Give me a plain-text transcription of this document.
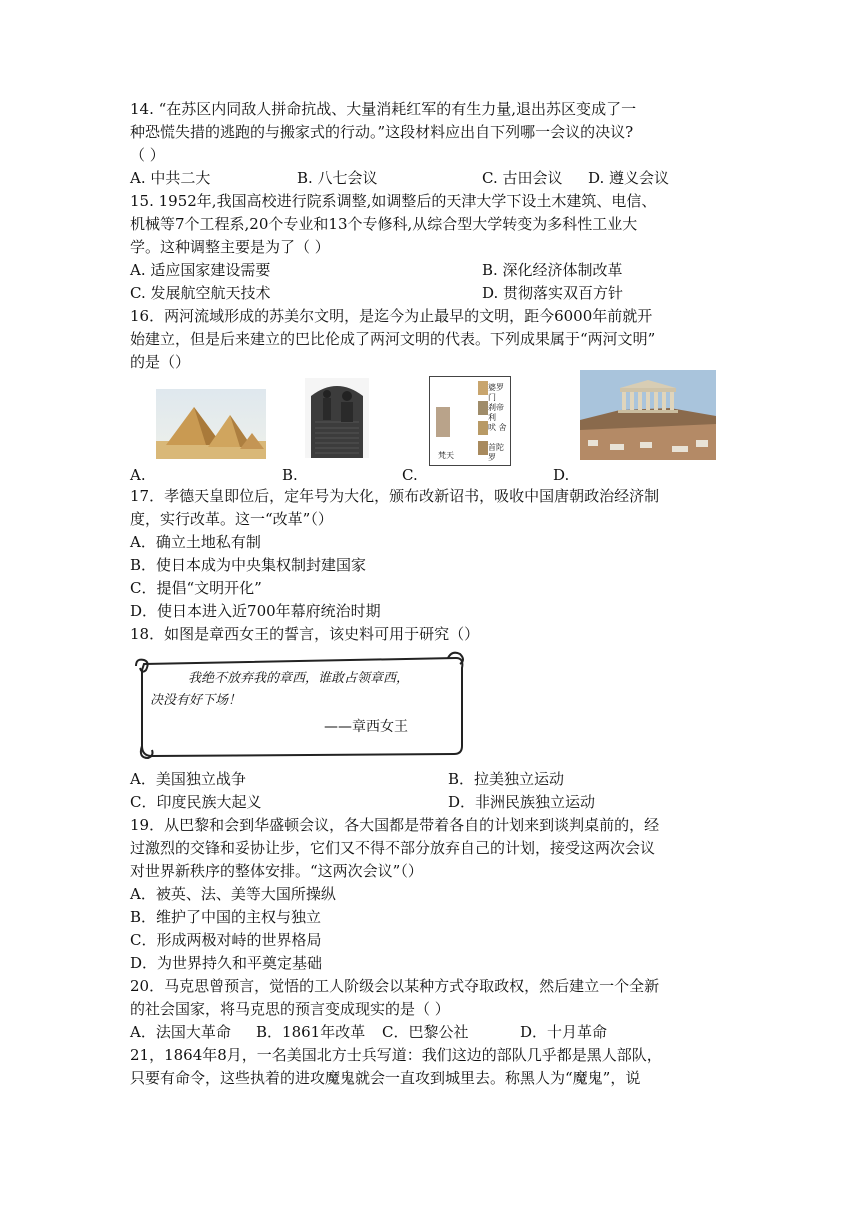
14. “在苏区内同敌人拼命抗战、大量消耗红军的有生力量,退出苏区变成了一
种恐慌失措的逃跑的与搬家式的行动。”这段材料应出自下列哪一会议的决议?
（ ）
A. 中共二大	B. 八七会议	C. 古田会议	D. 遵义会议
15. 1952年,我国高校进行院系调整,如调整后的天津大学下设土木建筑、电信、
机械等7个工程系,20个专业和13个专修科,从综合型大学转变为多科性工业大
学。这种调整主要是为了（ ）
A. 适应国家建设需要	B. 深化经济体制改革
C. 发展航空航天技术	D. 贯彻落实双百方针
16．两河流域形成的苏美尔文明，是迄今为止最早的文明，距今6000年前就开
始建立，但是后来建立的巴比伦成了两河文明的代表。下列成果属于“两河文明”
的是（）
A.	B.	C.
婆罗门
刹帝利
吠 舍
首陀罗
梵天
D.
17．孝德天皇即位后，定年号为大化，颁布改新诏书，吸收中国唐朝政治经济制
度，实行改革。这一“改革”（）
A．确立土地私有制
B．使日本成为中央集权制封建国家
C．提倡“文明开化”
D．使日本进入近700年幕府统治时期
18．如图是章西女王的誓言，该史料可用于研究（）
我绝不放弃我的章西，谁敢占领章西，
决没有好下场！
——章西女王
A．美国独立战争	B．拉美独立运动
C．印度民族大起义	D．非洲民族独立运动
19．从巴黎和会到华盛顿会议，各大国都是带着各自的计划来到谈判桌前的，经
过激烈的交锋和妥协让步，它们又不得不部分放弃自己的计划，接受这两次会议
对世界新秩序的整体安排。“这两次会议”（）
A．被英、法、美等大国所操纵
B．维护了中国的主权与独立
C．形成两极对峙的世界格局
D．为世界持久和平奠定基础
20．马克思曾预言，觉悟的工人阶级会以某种方式夺取政权，然后建立一个全新
的社会国家，将马克思的预言变成现实的是（ ）
A．法国大革命	B．1861年改革	C．巴黎公社	D．十月革命
21，1864年8月，一名美国北方士兵写道：我们这边的部队几乎都是黑人部队，
只要有命令，这些执着的进攻魔鬼就会一直攻到城里去。称黑人为“魔鬼”，说
